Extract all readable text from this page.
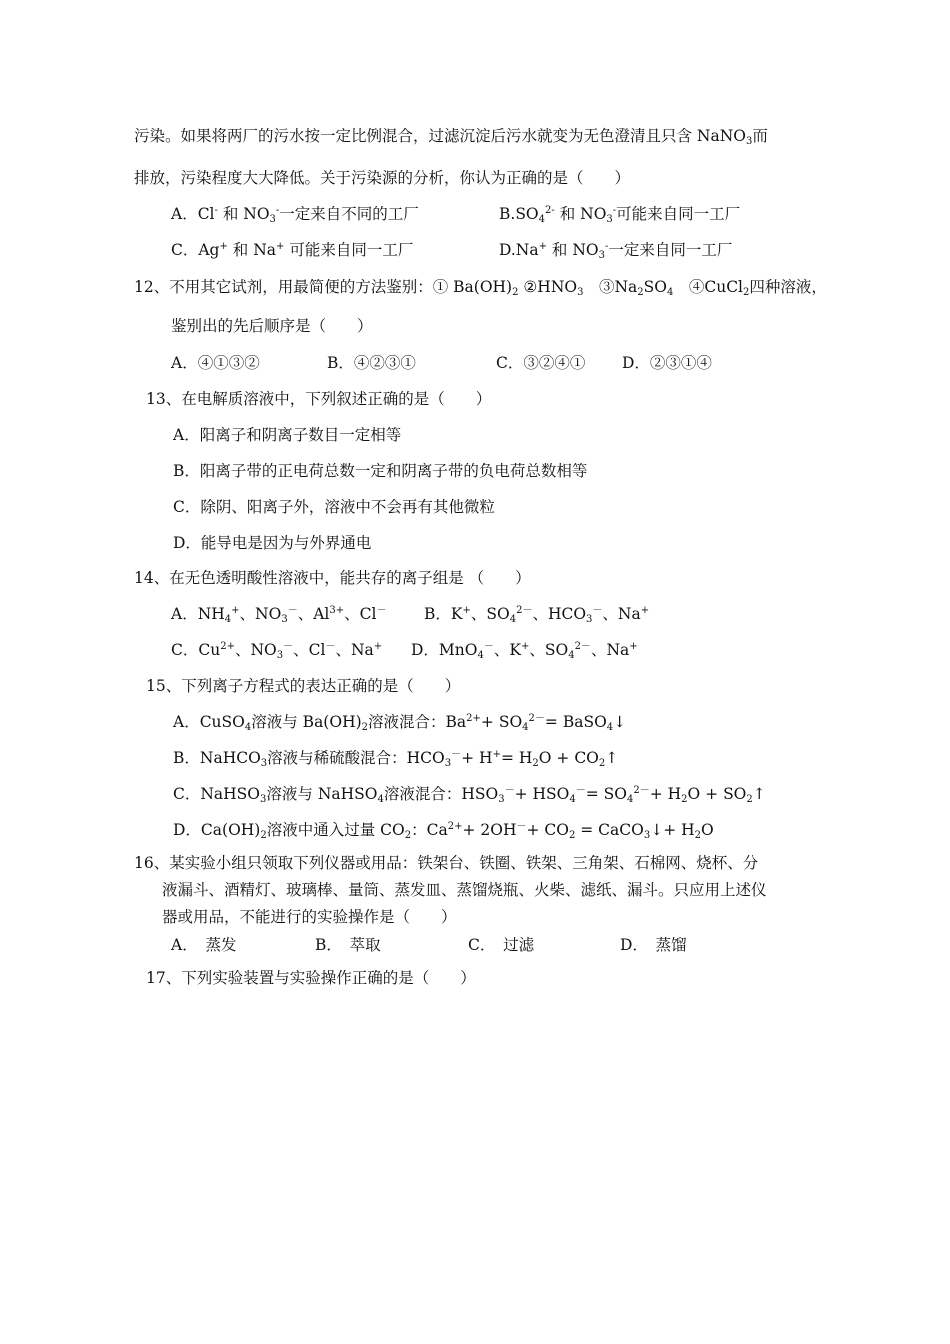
污染。如果将两厂的污水按一定比例混合，过滤沉淀后污水就变为无色澄清且只含 NaNO$_3$而
排放，污染程度大大降低。关于污染源的分析，你认为正确的是（　　）
A．Cl- 和 $NO_3^-$一定来自不同的工厂	$B.SO_4^{2-}$ 和 $NO_3^-$可能来自同一工厂
C．Ag+ 和 Na+ 可能来自同一工厂	D.Na+ 和 $NO_3^-$一定来自同一工厂
12、不用其它试剂，用最简便的方法鉴别：① $Ba(OH)_2$ $②HNO_3$　$③Na_2SO_4$　④CuCl$_2$四种溶液，
鉴别出的先后顺序是（　　）
A．④①③②	B．④②③①	C．③②④① D．②③①④
13、在电解质溶液中，下列叙述正确的是（　　）
A．阳离子和阴离子数目一定相等
B．阳离子带的正电荷总数一定和阴离子带的负电荷总数相等
C．除阴、阳离子外，溶液中不会再有其他微粒
D．能导电是因为与外界通电
14、在无色透明酸性溶液中，能共存的离子组是 （　　）
A．$NH_4^+$、$NO_3^-$、$Al^{3+}$、Cl－ B．K+、$SO_4^{2-}$、$HCO_3^-$、Na+
C．$Cu^{2+}$、$NO_3^-$、Cl－、Na+ D．MnO$_4$－、K+、$SO_4^{2-}$、Na+
15、下列离子方程式的表达正确的是（　　）
A．CuSO$_4$溶液与 $Ba(OH)_2$溶液混合：$Ba^{2+}+ SO_4^{2-}=$ BaSO$_4$↓
B．NaHCO$_3$溶液与稀硫酸混合：$HCO_3^-+ H^+= H_2O$ + $CO_2↑$
C．NaHSO$_3$溶液与 NaHSO$_4$溶液混合：$HSO_3^-+ HSO_4^-= SO_4^{2-}+ H_2O$ + $SO_2↑$
D．$Ca(OH)_2$溶液中通入过量 $CO_2$：$Ca^{2+}+ 2OH^-+ CO_2$ = CaCO$_3$↓+ $H_2O$
16、某实验小组只领取下列仪器或用品：铁架台、铁圈、铁架、三角架、石棉网、烧杯、分
液漏斗、酒精灯、玻璃棒、量筒、蒸发皿、蒸馏烧瓶、火柴、滤纸、漏斗。只应用上述仪
器或用品，不能进行的实验操作是（　　）
A．　蒸发	B．　萃取	C．　过滤	D．　蒸馏
17、下列实验装置与实验操作正确的是（　　）
